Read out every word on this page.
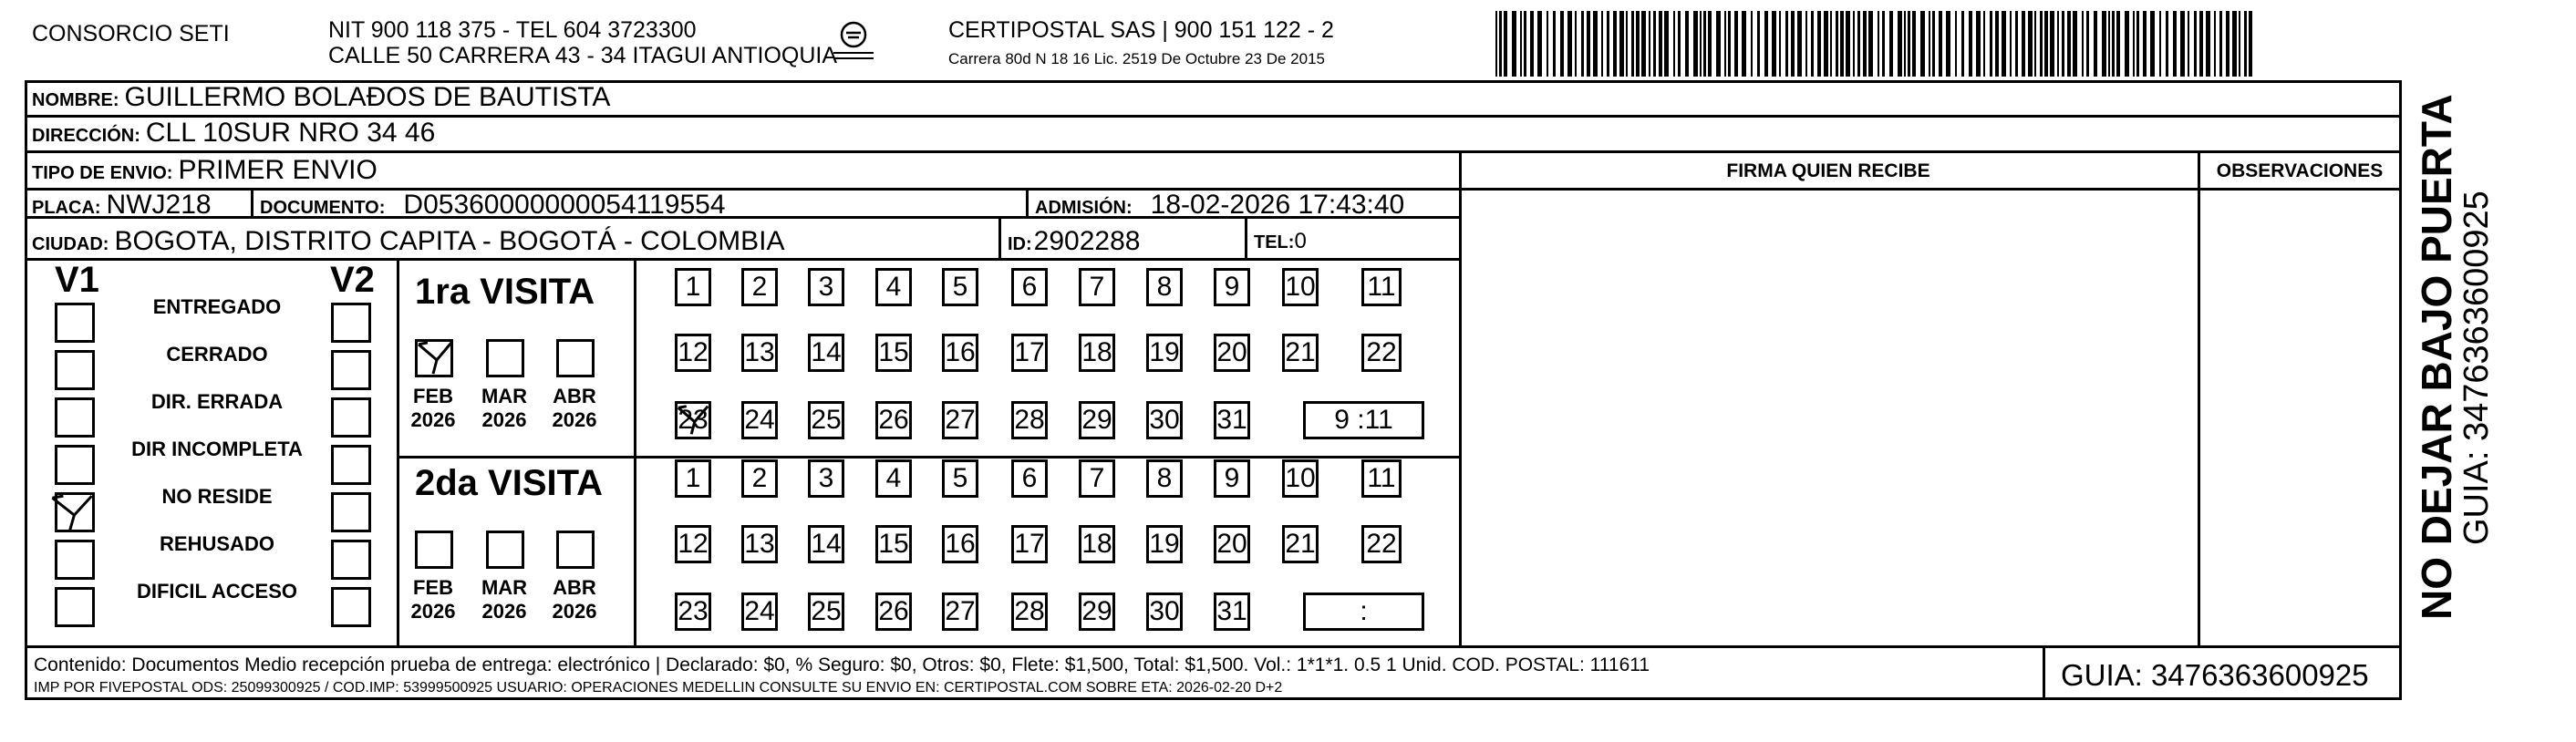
CONSORCIO SETI	NIT 900 118 375 - TEL 604 3723300
CALLE 50 CARRERA 43 - 34 ITAGUI ANTIOQUIA
CERTIPOSTAL SAS | 900 151 122 - 2
Carrera 80d N 18 16 Lic. 2519 De Octubre 23 De 2015
NOMBRE: GUILLERMO BOLAĐOS DE BAUTISTA
DIRECCIÓN: CLL 10SUR NRO 34 46
TIPO DE ENVIO: PRIMER ENVIO	FIRMA QUIEN RECIBE	OBSERVACIONES
PLACA: NWJ218	DOCUMENTO: D05360000000054119554	ADMISIÓN: 18-02-2026 17:43:40
CIUDAD: BOGOTA, DISTRITO CAPITA - BOGOTÁ - COLOMBIA	ID:2902288	TEL:0
V1	V2
ENTREGADO
CERRADO
DIR. ERRADA
DIR INCOMPLETA
NO RESIDE
REHUSADO
DIFICIL ACCESO
1ra VISITA
FEB
2026
MAR
2026
ABR
2026
1	2	3	4	5	6	7	8	9	10 11
12 13 14 15 16 17 18 19 20 21 22
23 24 25 26 27 28 29 30 31	9 :11
2da VISITA
FEB
2026
MAR
2026
ABR
2026
1	2	3	4	5	6	7	8	9	10 11
12 13 14 15 16 17 18 19 20 21 22
23 24 25 26 27 28 29 30 31	:
Contenido: Documentos Medio recepción prueba de entrega: electrónico | Declarado: $0, % Seguro: $0, Otros: $0, Flete: $1,500, Total: $1,500. Vol.: 1*1*1. 0.5 1 Unid. COD. POSTAL: 111611
IMP POR FIVEPOSTAL ODS: 25099300925 / COD.IMP: 53999500925 USUARIO: OPERACIONES MEDELLIN CONSULTE SU ENVIO EN: CERTIPOSTAL.COM SOBRE ETA: 2026-02-20 D+2	GUIA: 3476363600925
NO DEJAR BAJO PUERTA
GUIA: 3476363600925
